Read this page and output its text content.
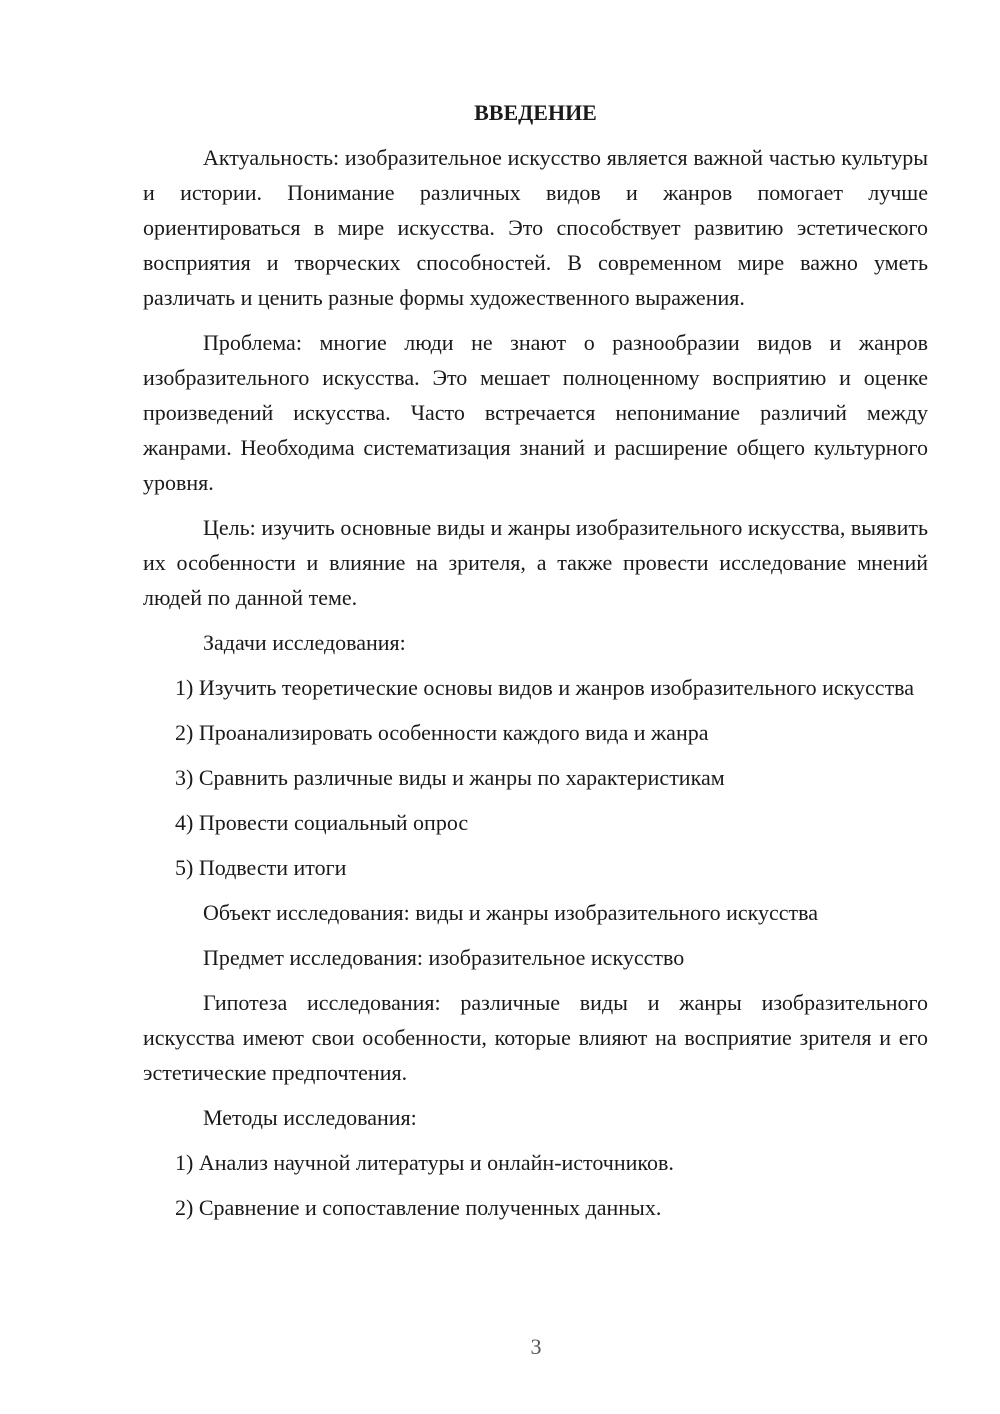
ВВЕДЕНИЕ
Актуальность: изобразительное искусство является важной частью культуры и истории. Понимание различных видов и жанров помогает лучше ориентироваться в мире искусства. Это способствует развитию эстетического восприятия и творческих способностей. В современном мире важно уметь различать и ценить разные формы художественного выражения.
Проблема: многие люди не знают о разнообразии видов и жанров изобразительного искусства. Это мешает полноценному восприятию и оценке произведений искусства. Часто встречается непонимание различий между жанрами. Необходима систематизация знаний и расширение общего культурного уровня.
Цель: изучить основные виды и жанры изобразительного искусства, выявить их особенности и влияние на зрителя, а также провести исследование мнений людей по данной теме.
Задачи исследования:
1) Изучить теоретические основы видов и жанров изобразительного искусства
2) Проанализировать особенности каждого вида и жанра
3) Сравнить различные виды и жанры по характеристикам
4) Провести социальный опрос
5) Подвести итоги
Объект исследования: виды и жанры изобразительного искусства
Предмет исследования: изобразительное искусство
Гипотеза исследования: различные виды и жанры изобразительного искусства имеют свои особенности, которые влияют на восприятие зрителя и его эстетические предпочтения.
Методы исследования:
1) Анализ научной литературы и онлайн-источников.
2) Сравнение и сопоставление полученных данных.
3
